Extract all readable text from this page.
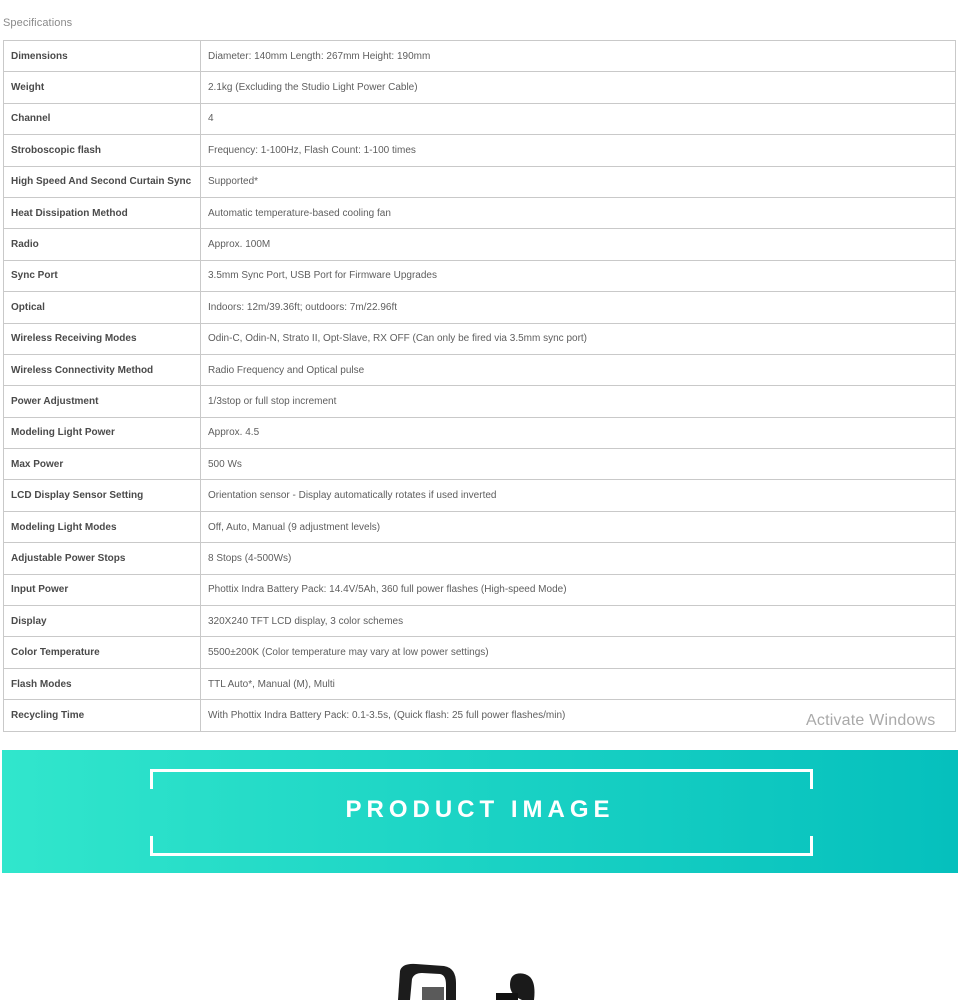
Specifications
Dimensions	Diameter: 140mm Length: 267mm Height: 190mm
Weight	2.1kg (Excluding the Studio Light Power Cable)
Channel	4
Stroboscopic flash	Frequency: 1-100Hz, Flash Count: 1-100 times
High Speed And Second Curtain Sync	Supported*
Heat Dissipation Method	Automatic temperature-based cooling fan
Radio	Approx. 100M
Sync Port	3.5mm Sync Port, USB Port for Firmware Upgrades
Optical	Indoors: 12m/39.36ft; outdoors: 7m/22.96ft
Wireless Receiving Modes	Odin-C, Odin-N, Strato II, Opt-Slave, RX OFF (Can only be fired via 3.5mm sync port)
Wireless Connectivity Method	Radio Frequency and Optical pulse
Power Adjustment	1/3stop or full stop increment
Modeling Light Power	Approx. 4.5
Max Power	500 Ws
LCD Display Sensor Setting	Orientation sensor - Display automatically rotates if used inverted
Modeling Light Modes	Off, Auto, Manual (9 adjustment levels)
Adjustable Power Stops	8 Stops (4-500Ws)
Input Power	Phottix Indra Battery Pack: 14.4V/5Ah, 360 full power flashes (High-speed Mode)
Display	320X240 TFT LCD display, 3 color schemes
Color Temperature	5500±200K (Color temperature may vary at low power settings)
Flash Modes	TTL Auto*, Manual (M), Multi
Recycling Time	With Phottix Indra Battery Pack: 0.1-3.5s, (Quick flash: 25 full power flashes/min)	Activate Windows
PRODUCT IMAGE
